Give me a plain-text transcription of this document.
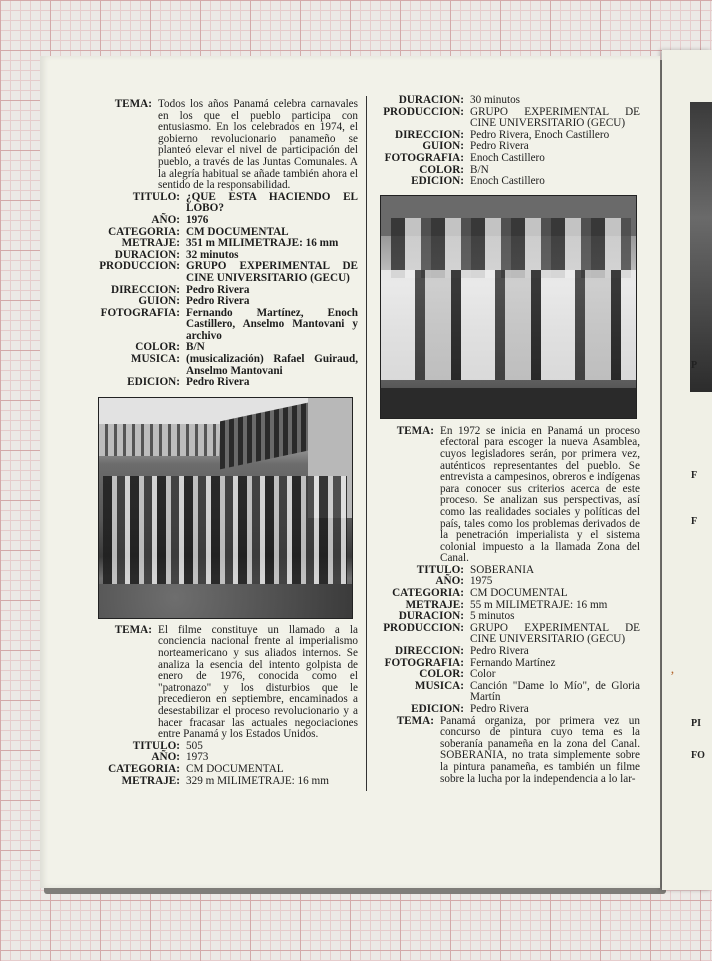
P
F
F
‚
PI
FO
TEMA: Todos los años Panamá celebra carnavales en los que el pueblo participa con entusiasmo. En los celebrados en 1974, el gobierno revolucionario panameño se planteó elevar el nivel de participación del pueblo, a través de las Juntas Comunales. A la alegría habitual se añade también ahora el sentido de la responsabilidad.
TITULO: ¿QUE ESTA HACIENDO EL LOBO?
AÑO: 1976
CATEGORIA: CM DOCUMENTAL
METRAJE: 351 m MILIMETRAJE: 16 mm
DURACION: 32 minutos
PRODUCCION: GRUPO EXPERIMENTAL DE CINE UNIVERSITARIO (GECU)
DIRECCION: Pedro Rivera
GUION: Pedro Rivera
FOTOGRAFIA: Fernando Martínez, Enoch Castillero, Anselmo Mantovani y archivo
COLOR: B/N
MUSICA: (musicalización) Rafael Guiraud, Anselmo Mantovani
EDICION: Pedro Rivera
TEMA: El filme constituye un llamado a la conciencia nacional frente al imperialismo norteamericano y sus aliados internos. Se analiza la esencia del intento golpista de enero de 1976, conocida como el "patronazo" y los disturbios que le precedieron en septiembre, encaminados a desestabilizar el proceso revolucionario y a hacer fracasar las actuales negociaciones entre Panamá y los Estados Unidos.
TITULO: 505
AÑO: 1973
CATEGORIA: CM DOCUMENTAL
METRAJE: 329 m MILIMETRAJE: 16 mm
DURACION: 30 minutos
PRODUCCION: GRUPO EXPERIMENTAL DE CINE UNIVERSITARIO (GECU)
DIRECCION: Pedro Rivera, Enoch Castillero
GUION: Pedro Rivera
FOTOGRAFIA: Enoch Castillero
COLOR: B/N
EDICION: Enoch Castillero
TEMA: En 1972 se inicia en Panamá un proceso efectoral para escoger la nueva Asamblea, cuyos legisladores serán, por primera vez, auténticos representantes del pueblo. Se entrevista a campesinos, obreros e indígenas para conocer sus criterios acerca de este proceso. Se analizan sus perspectivas, así como las realidades sociales y políticas del país, tales como los problemas derivados de la penetración imperialista y el sistema colonial impuesto a la llamada Zona del Canal.
TITULO: SOBERANIA
AÑO: 1975
CATEGORIA: CM DOCUMENTAL
METRAJE: 55 m MILIMETRAJE: 16 mm
DURACION: 5 minutos
PRODUCCION: GRUPO EXPERIMENTAL DE CINE UNIVERSITARIO (GECU)
DIRECCION: Pedro Rivera
FOTOGRAFIA: Fernando Martínez
COLOR: Color
MUSICA: Canción "Dame lo Mío", de Gloria Martín
EDICION: Pedro Rivera
TEMA: Panamá organiza, por primera vez un concurso de pintura cuyo tema es la soberanía panameña en la zona del Canal. SOBERANIA, no trata simplemente sobre la pintura panameña, es también un filme sobre la lucha por la independencia a lo lar-
